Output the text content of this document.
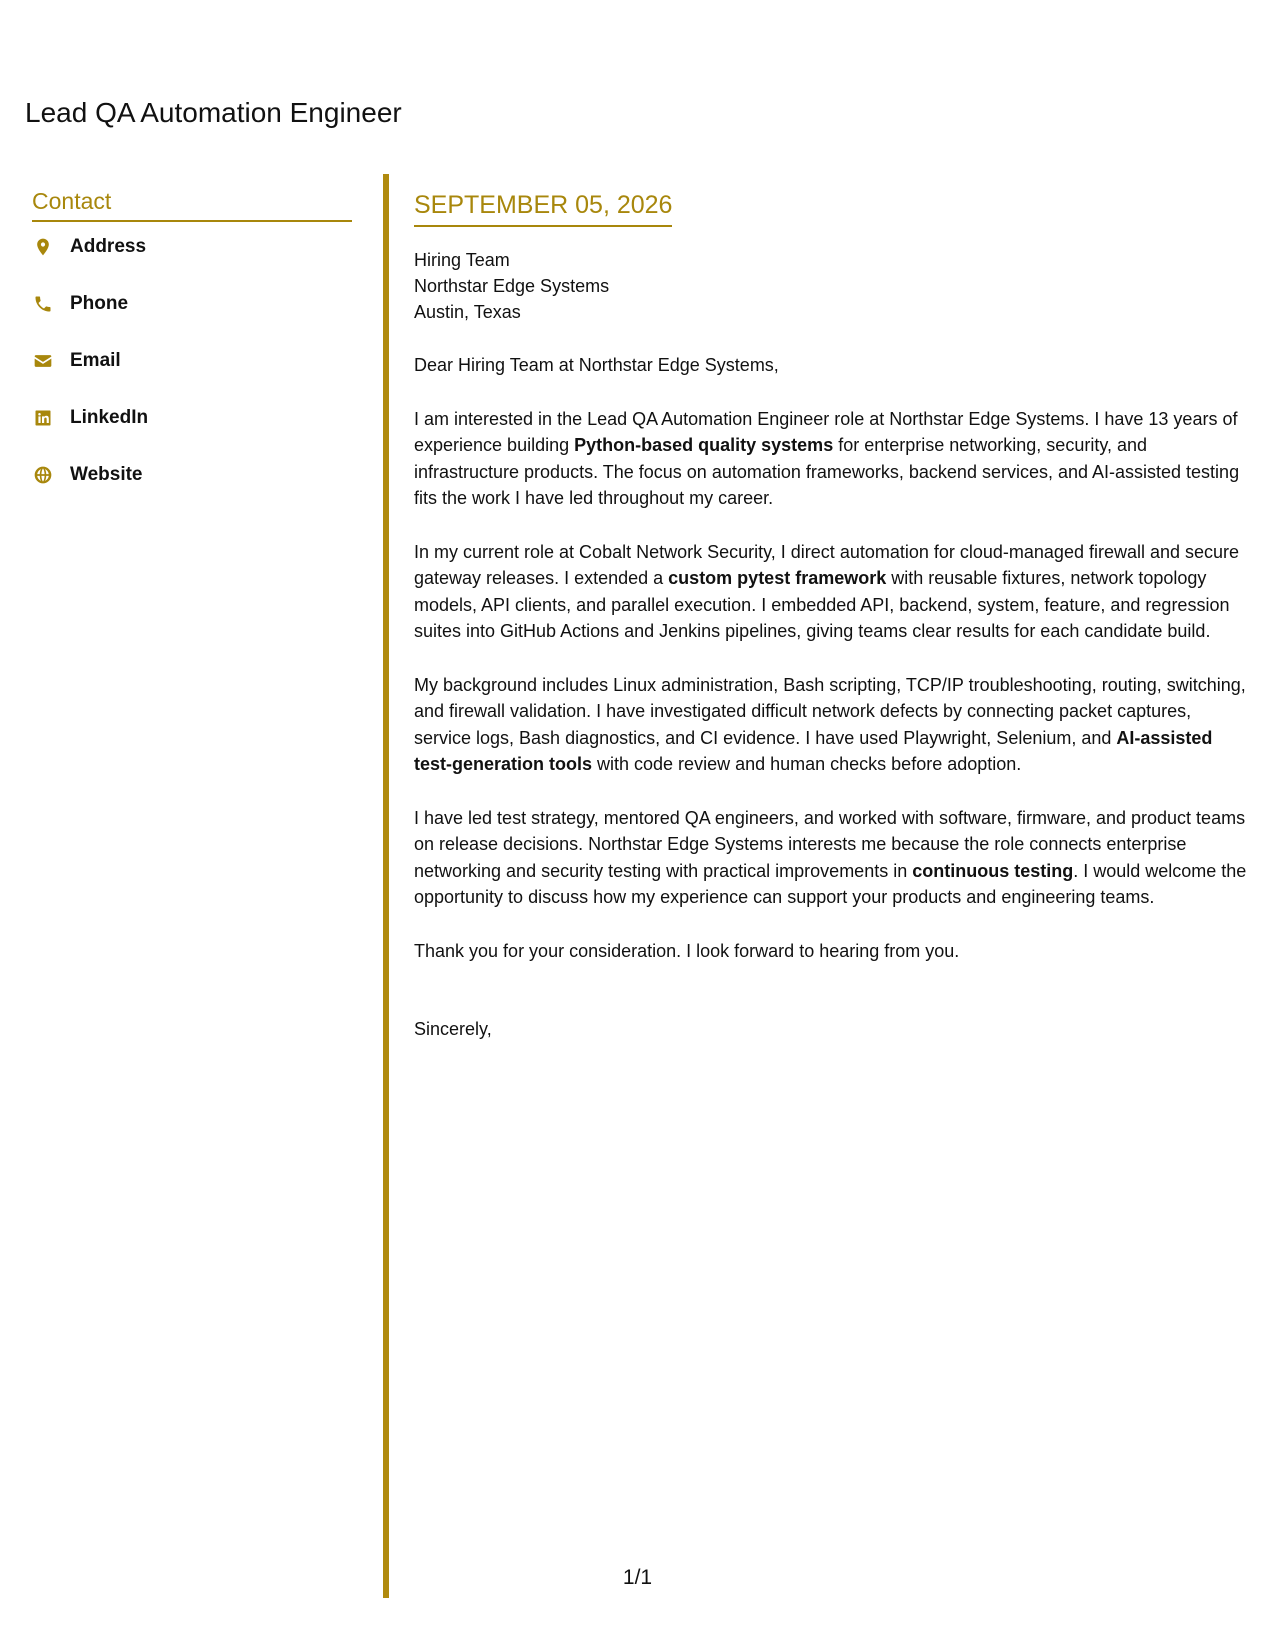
Lead QA Automation Engineer
Contact
Address
Phone
Email
LinkedIn
Website
SEPTEMBER 05, 2026
Hiring Team
Northstar Edge Systems
Austin, Texas
Dear Hiring Team at Northstar Edge Systems,

I am interested in the Lead QA Automation Engineer role at Northstar Edge Systems. I have 13 years of experience building Python-based quality systems for enterprise networking, security, and infrastructure products. The focus on automation frameworks, backend services, and AI-assisted testing fits the work I have led throughout my career.

In my current role at Cobalt Network Security, I direct automation for cloud-managed firewall and secure gateway releases. I extended a custom pytest framework with reusable fixtures, network topology models, API clients, and parallel execution. I embedded API, backend, system, feature, and regression suites into GitHub Actions and Jenkins pipelines, giving teams clear results for each candidate build.

My background includes Linux administration, Bash scripting, TCP/IP troubleshooting, routing, switching, and firewall validation. I have investigated difficult network defects by connecting packet captures, service logs, Bash diagnostics, and CI evidence. I have used Playwright, Selenium, and AI-assisted test-generation tools with code review and human checks before adoption.

I have led test strategy, mentored QA engineers, and worked with software, firmware, and product teams on release decisions. Northstar Edge Systems interests me because the role connects enterprise networking and security testing with practical improvements in continuous testing. I would welcome the opportunity to discuss how my experience can support your products and engineering teams.

Thank you for your consideration. I look forward to hearing from you.
Sincerely,
1/1
